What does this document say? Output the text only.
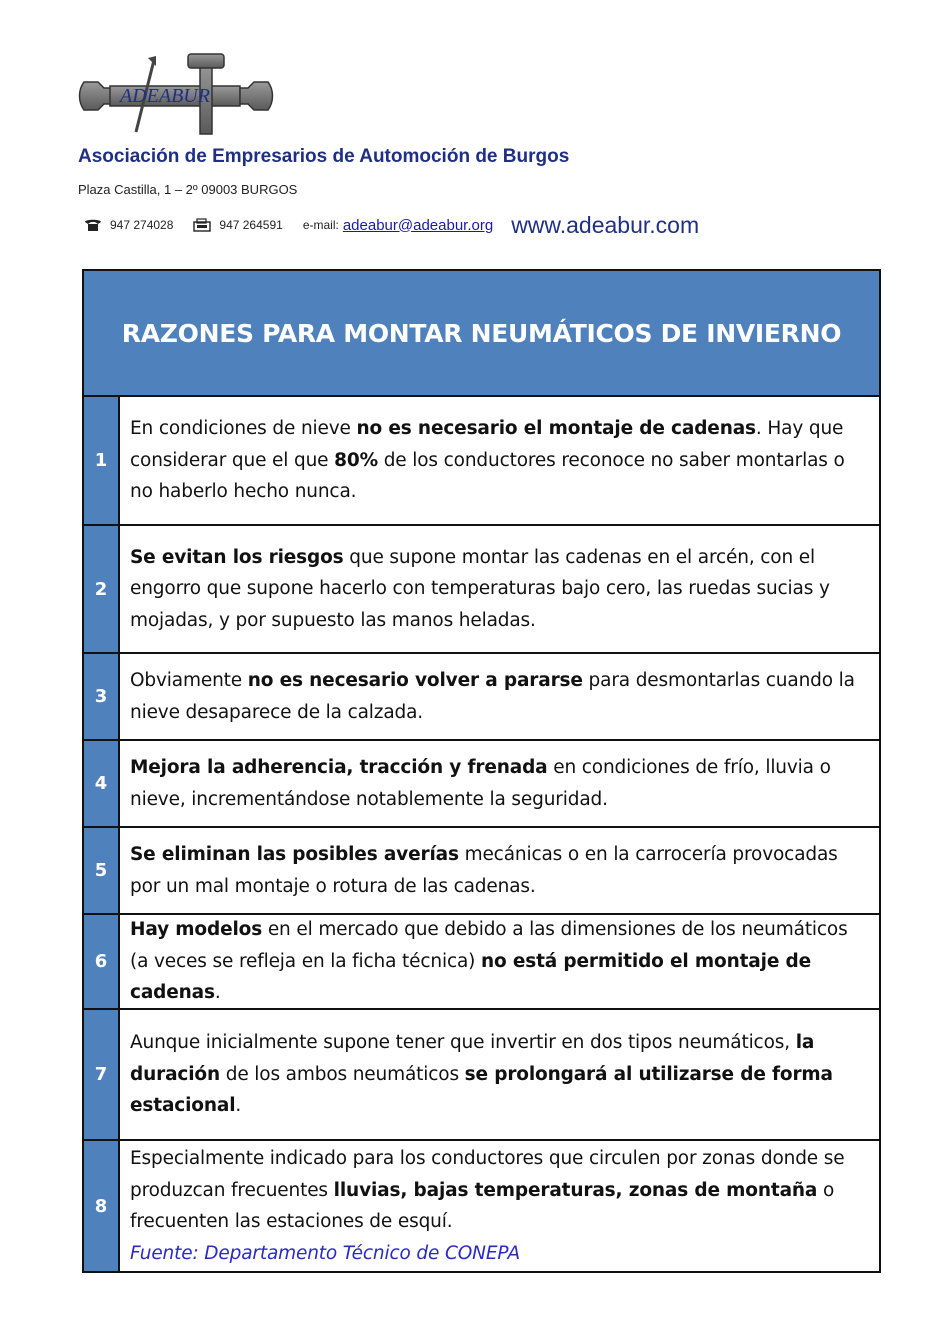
ADEABUR
Asociación de Empresarios de Automoción de Burgos
Plaza Castilla, 1 – 2º 09003 BURGOS
947 274028	947 264591 e-mail: adeabur@adeabur.org www.adeabur.com
RAZONES PARA MONTAR NEUMÁTICOS DE INVIERNO
1
En condiciones de nieve no es necesario el montaje de cadenas. Hay que considerar que el que 80% de los conductores reconoce no saber montarlas o no haberlo hecho nunca.
2
Se evitan los riesgos que supone montar las cadenas en el arcén, con el engorro que supone hacerlo con temperaturas bajo cero, las ruedas sucias y mojadas, y por supuesto las manos heladas.
3
Obviamente no es necesario volver a pararse para desmontarlas cuando la nieve desaparece de la calzada.
4
Mejora la adherencia, tracción y frenada en condiciones de frío, lluvia o nieve, incrementándose notablemente la seguridad.
5
Se eliminan las posibles averías mecánicas o en la carrocería provocadas por un mal montaje o rotura de las cadenas.
6
Hay modelos en el mercado que debido a las dimensiones de los neumáticos (a veces se refleja en la ficha técnica) no está permitido el montaje de cadenas.
7
Aunque inicialmente supone tener que invertir en dos tipos neumáticos, la duración de los ambos neumáticos se prolongará al utilizarse de forma estacional.
8
Especialmente indicado para los conductores que circulen por zonas donde se produzcan frecuentes lluvias, bajas temperaturas, zonas de montaña o frecuenten las estaciones de esquí.
Fuente: Departamento Técnico de CONEPA
